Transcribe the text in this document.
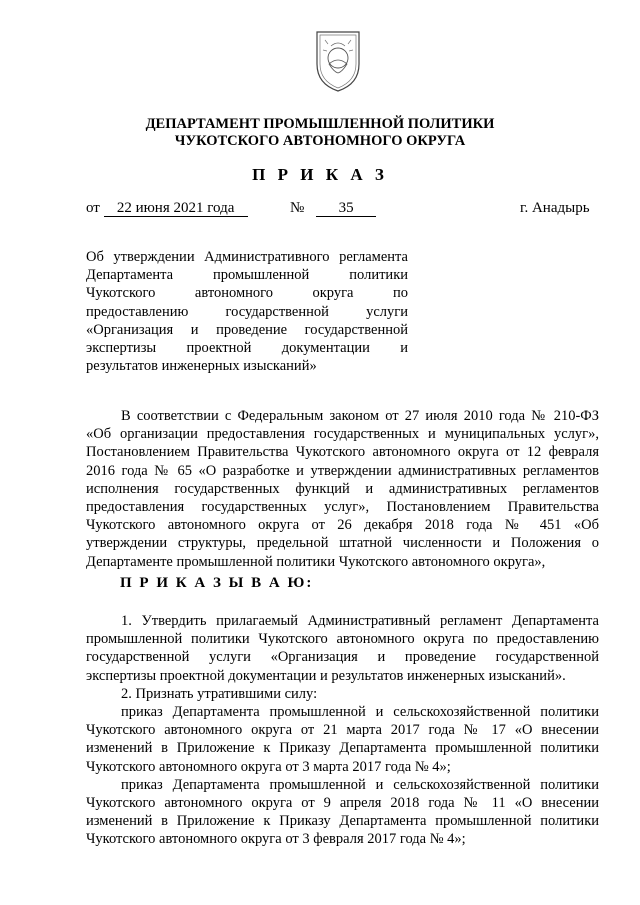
ДЕПАРТАМЕНТ ПРОМЫШЛЕННОЙ ПОЛИТИКИ
ЧУКОТСКОГО АВТОНОМНОГО ОКРУГА
П Р И К А З
от 22 июня 2021 года	№ 35	г. Анадырь
Об утверждении Административного регламента
Департамента промышленной политики
Чукотского автономного округа по
предоставлению государственной услуги
«Организация и проведение государственной
экспертизы проектной документации и
результатов инженерных изысканий»
В соответствии с Федеральным законом от 27 июля 2010 года № 210-ФЗ
«Об организации предоставления государственных и муниципальных услуг»,
Постановлением Правительства Чукотского автономного округа от 12 февраля
2016 года № 65 «О разработке и утверждении административных регламентов
исполнения государственных функций и административных регламентов
предоставления государственных услуг», Постановлением Правительства
Чукотского автономного округа от 26 декабря 2018 года № 451 «Об
утверждении структуры, предельной штатной численности и Положения о
Департаменте промышленной политики Чукотского автономного округа»,
П Р И К А З Ы В А Ю:
1. Утвердить прилагаемый Административный регламент Департамента
промышленной политики Чукотского автономного округа по предоставлению
государственной услуги «Организация и проведение государственной
экспертизы проектной документации и результатов инженерных изысканий».
2. Признать утратившими силу:
приказ Департамента промышленной и сельскохозяйственной политики
Чукотского автономного округа от 21 марта 2017 года № 17 «О внесении
изменений в Приложение к Приказу Департамента промышленной политики
Чукотского автономного округа от 3 марта 2017 года № 4»;
приказ Департамента промышленной и сельскохозяйственной политики
Чукотского автономного округа от 9 апреля 2018 года № 11 «О внесении
изменений в Приложение к Приказу Департамента промышленной политики
Чукотского автономного округа от 3 февраля 2017 года № 4»;
